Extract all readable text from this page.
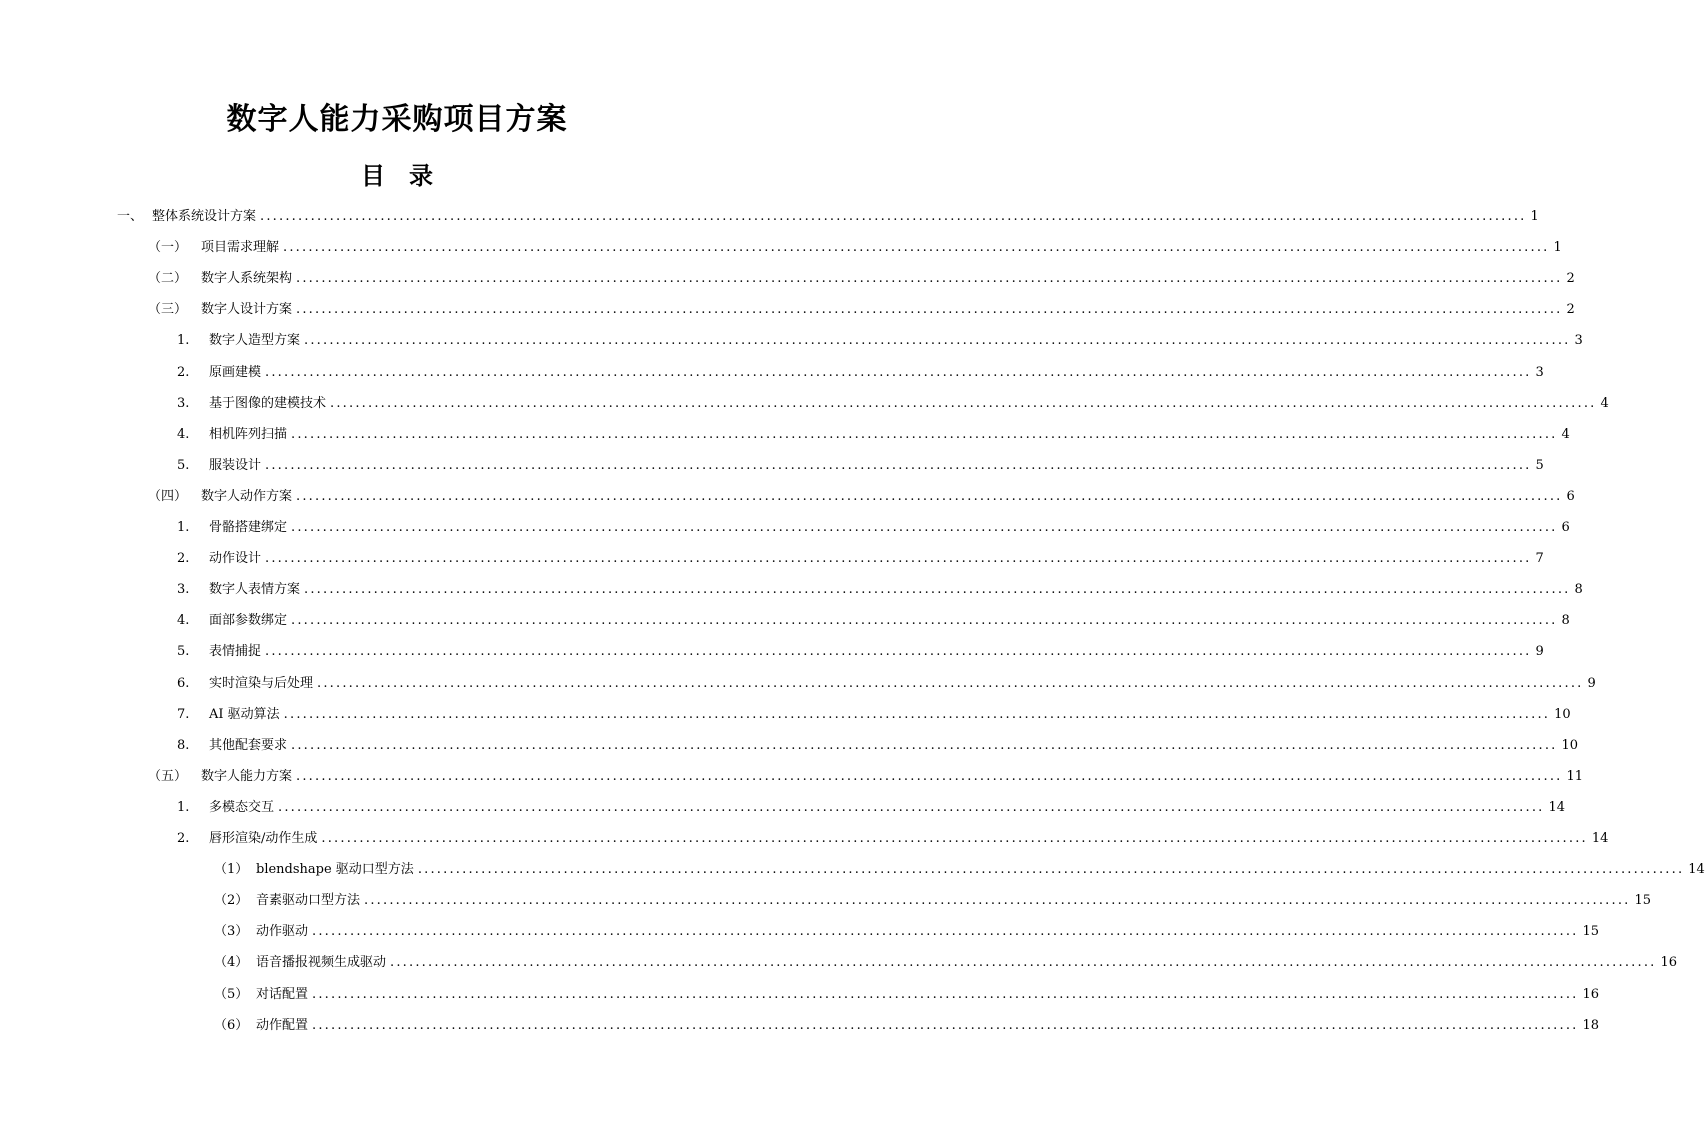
数字人能力采购项目方案
目 录
一、 整体系统设计方案 ........................................................................................................................................................................................................ 1
（一） 项目需求理解 ........................................................................................................................................................................................................ 1
（二） 数字人系统架构 ........................................................................................................................................................................................................ 2
（三） 数字人设计方案 ........................................................................................................................................................................................................ 2
1. 数字人造型方案 ........................................................................................................................................................................................................ 3
2. 原画建模 ........................................................................................................................................................................................................ 3
3. 基于图像的建模技术 ........................................................................................................................................................................................................ 4
4. 相机阵列扫描 ........................................................................................................................................................................................................ 4
5. 服装设计 ........................................................................................................................................................................................................ 5
（四） 数字人动作方案 ........................................................................................................................................................................................................ 6
1. 骨骼搭建绑定 ........................................................................................................................................................................................................ 6
2. 动作设计 ........................................................................................................................................................................................................ 7
3. 数字人表情方案 ........................................................................................................................................................................................................ 8
4. 面部参数绑定 ........................................................................................................................................................................................................ 8
5. 表情捕捉 ........................................................................................................................................................................................................ 9
6. 实时渲染与后处理 ........................................................................................................................................................................................................ 9
7. AI 驱动算法 ........................................................................................................................................................................................................ 10
8. 其他配套要求 ........................................................................................................................................................................................................ 10
（五） 数字人能力方案 ........................................................................................................................................................................................................ 11
1. 多模态交互 ........................................................................................................................................................................................................ 14
2. 唇形渲染/动作生成 ........................................................................................................................................................................................................ 14
（1） blendshape 驱动口型方法 ........................................................................................................................................................................................................ 14
（2） 音素驱动口型方法 ........................................................................................................................................................................................................ 15
（3） 动作驱动 ........................................................................................................................................................................................................ 15
（4） 语音播报视频生成驱动 ........................................................................................................................................................................................................ 16
（5） 对话配置 ........................................................................................................................................................................................................ 16
（6） 动作配置 ........................................................................................................................................................................................................ 18
